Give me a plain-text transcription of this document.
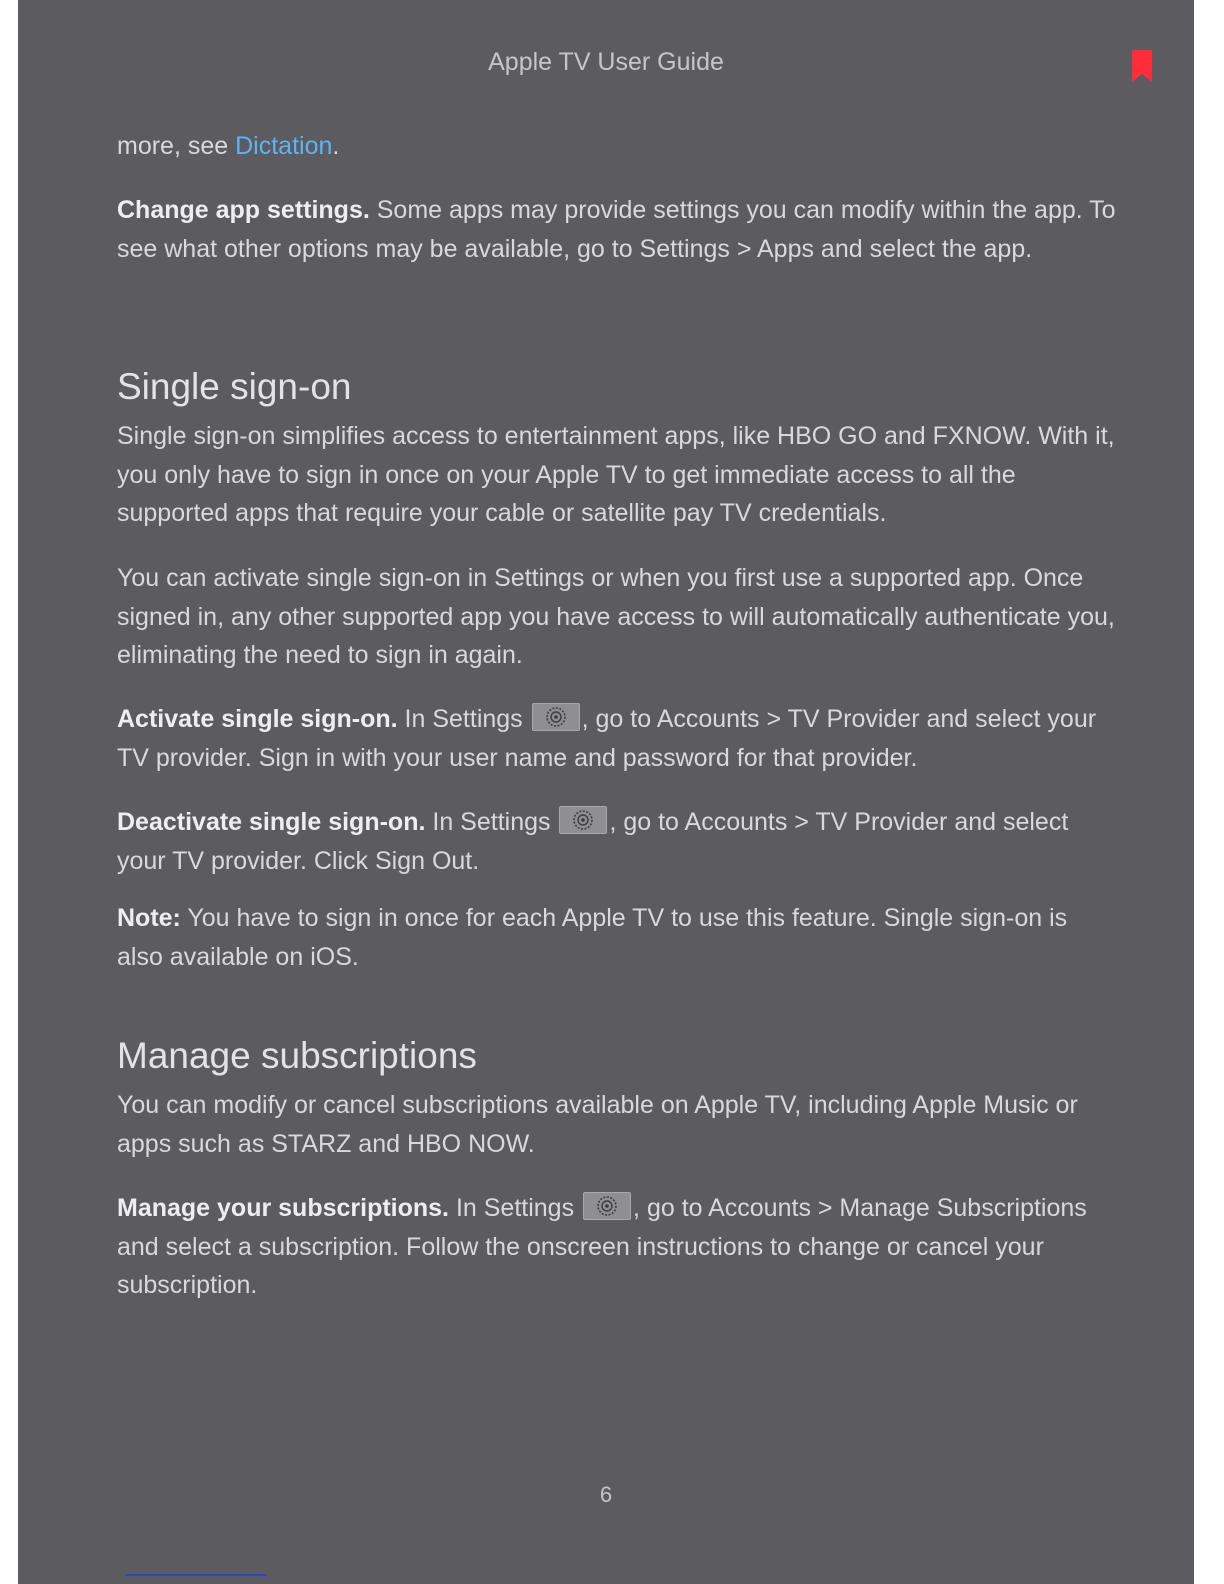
Apple TV User Guide

more, see Dictation.

Change app settings. Some apps may provide settings you can modify within the app. To see what other options may be available, go to Settings > Apps and select the app.

Single sign-on

Single sign-on simplifies access to entertainment apps, like HBO GO and FXNOW. With it, you only have to sign in once on your Apple TV to get immediate access to all the supported apps that require your cable or satellite pay TV credentials.

You can activate single sign-on in Settings or when you first use a supported app. Once signed in, any other supported app you have access to will automatically authenticate you, eliminating the need to sign in again.

Activate single sign-on. In Settings
, go to Accounts > TV Provider and select your TV provider. Sign in with your user name and password for that provider.

Deactivate single sign-on. In Settings
, go to Accounts > TV Provider and select your TV provider. Click Sign Out.

Note: You have to sign in once for each Apple TV to use this feature. Single sign-on is also available on iOS.

Manage subscriptions

You can modify or cancel subscriptions available on Apple TV, including Apple Music or apps such as STARZ and HBO NOW.

Manage your subscriptions. In Settings
, go to Accounts > Manage Subscriptions and select a subscription. Follow the onscreen instructions to change or cancel your subscription.

6
